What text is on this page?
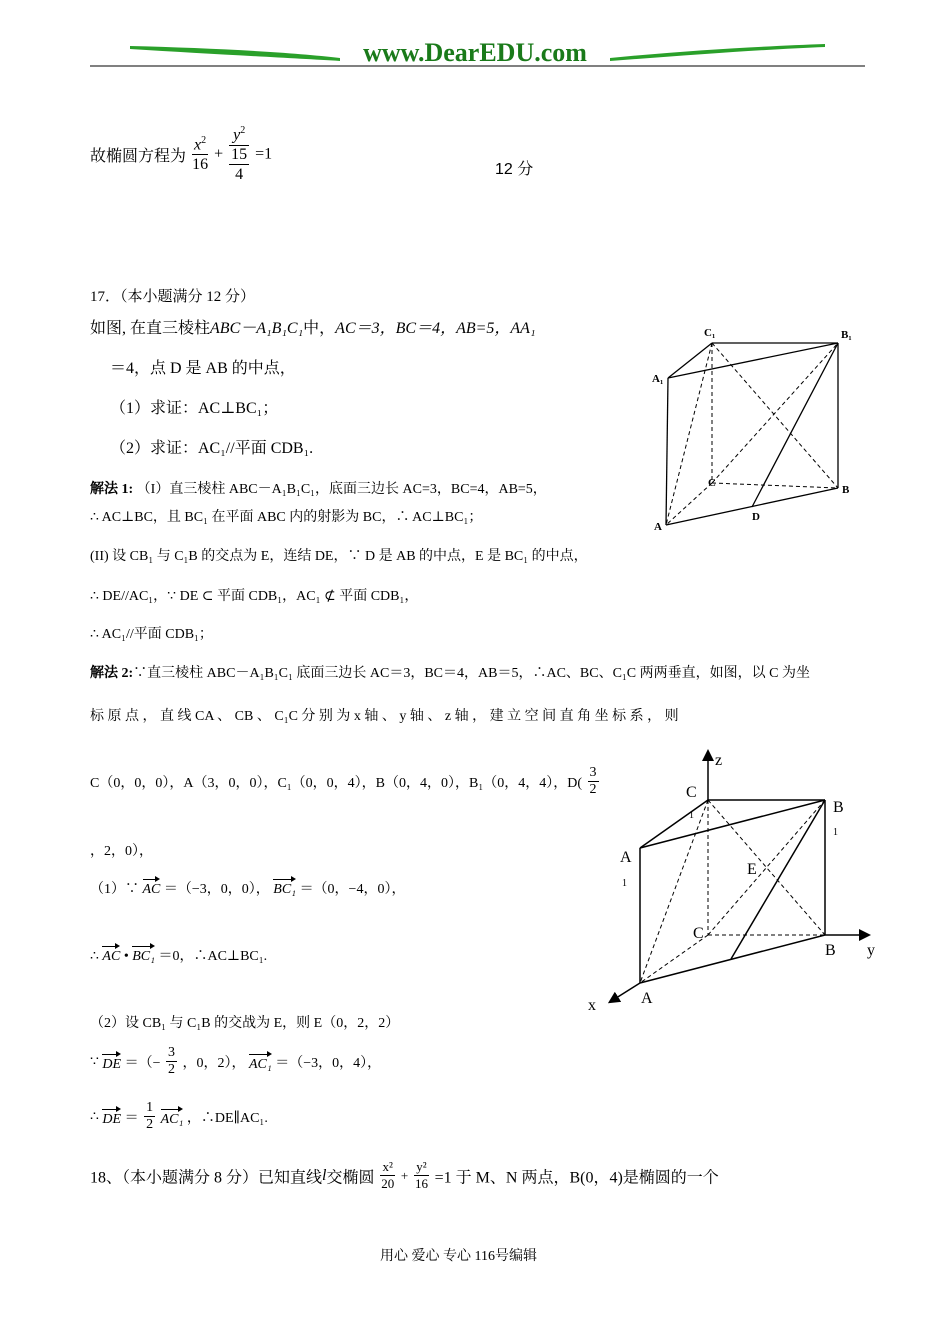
www.DearEDU.com
故椭圆方程为 $\frac{x^2}{16} + \frac{y^2}{\frac{15}{4}} =1$
12 分
17．（本小题满分 12 分）
如图, 在直三棱柱ABC－A₁B₁C₁中，AC＝3，BC＝4，AB=5，AA₁
＝4，点 D 是 AB 的中点，
（1）求证：AC⊥BC₁；
（2）求证：AC₁//平面 CDB₁.
C₁	B₁
A₁
C
B
A
D
解法 1: （I）直三棱柱 ABC－A₁B₁C₁，底面三边长 AC=3，BC=4，AB=5，
∴ AC⊥BC，且 BC₁ 在平面 ABC 内的射影为 BC，∴ AC⊥BC₁；
(II) 设 CB₁ 与 C₁B 的交点为 E，连结 DE，∵ D 是 AB 的中点，E 是 BC₁ 的中点，
∴ DE//AC₁，∵ DE ⊂ 平面 CDB₁，AC₁ ⊄ 平面 CDB₁，
∴ AC₁//平面 CDB₁；
解法 2:∵直三棱柱 ABC－A₁B₁C₁ 底面三边长 AC＝3，BC＝4，AB＝5，∴AC、BC、C₁C 两两垂直，如图，以 C 为坐
标 原 点 ， 直 线 CA 、 CB 、 C₁C 分 别 为 x 轴 、 y 轴 、 z 轴 ， 建 立 空 间 直 角 坐 标 系 ， 则
C（0，0，0），A（3，0，0），C₁（0，0，4），B（0，4，0），B₁（0，4，4），$D( \frac{3}{2}$
，2，0），
（1）∵ AC ＝（−3，0，0）， BC₁ ＝（0，−4，0），
∴ AC • BC₁ ＝0，∴AC⊥BC₁.
（2）设 CB₁ 与 C₁B 的交战为 E，则 E（0，2，2）
∵ DE ＝（− $\frac{3}{2}$ ，0，2）， AC₁ ＝（−3，0，4），
∴ DE ＝ $\frac{1}{2} AC_1$ ，∴DE∥AC₁.
z
C
1	B
1
A
1
E
C
B y
x	A
18、（本小题满分 8 分）已知直线l交椭圆 $\frac{\text{x²}}{20} + \frac{\text{y²}}{16} =1$ 于 M、N 两点，B(0，4)是椭圆的一个
用心 爱心 专心 116号编辑
